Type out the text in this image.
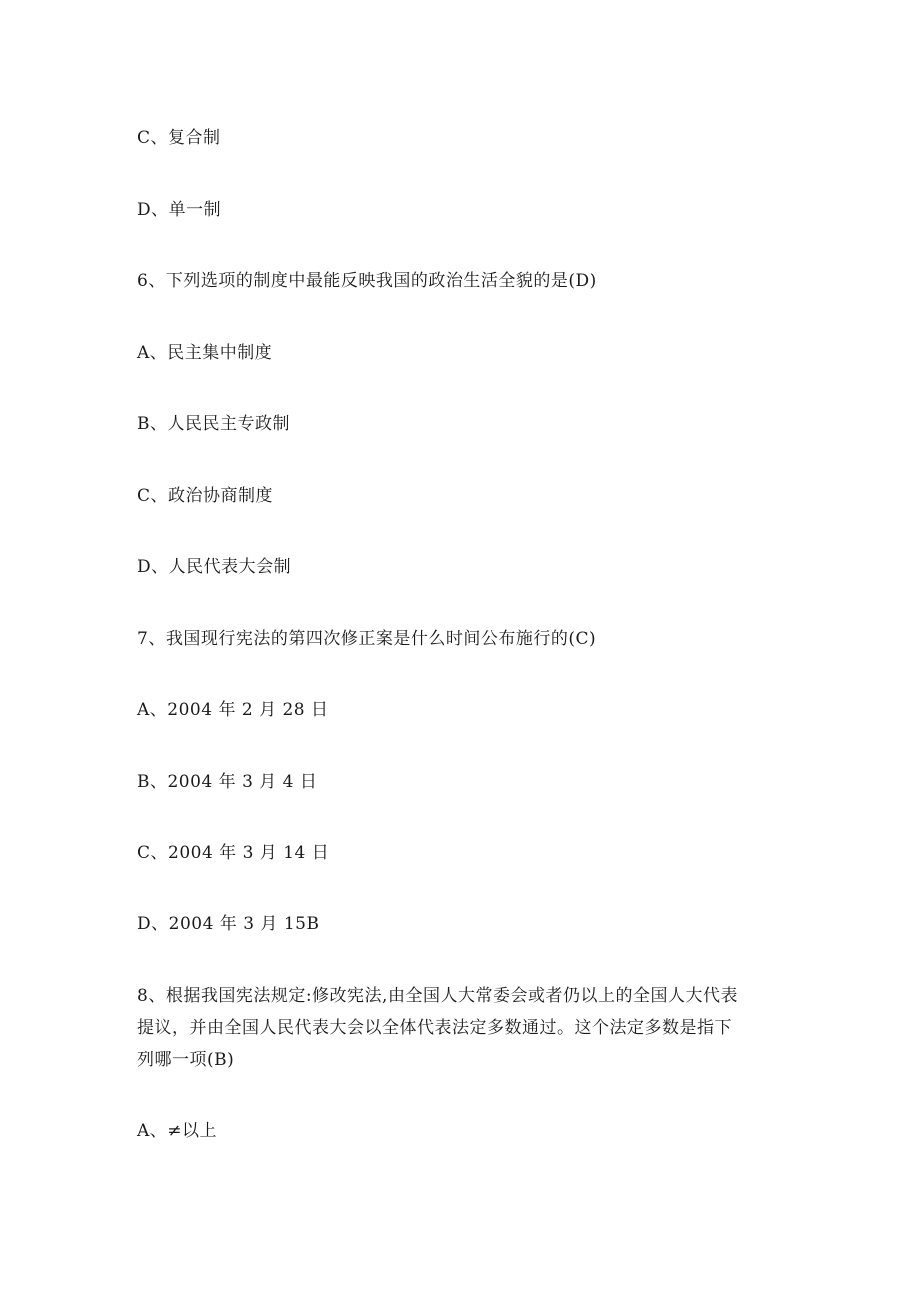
C、复合制
D、单一制
6、下列选项的制度中最能反映我国的政治生活全貌的是(D)
A、民主集中制度
B、人民民主专政制
C、政治协商制度
D、人民代表大会制
7、我国现行宪法的第四次修正案是什么时间公布施行的(C)
A、2004 年 2 月 28 日
B、2004 年 3 月 4 日
C、2004 年 3 月 14 日
D、2004 年 3 月 15B
8、根据我国宪法规定:修改宪法,由全国人大常委会或者仍以上的全国人大代表
提议，并由全国人民代表大会以全体代表法定多数通过。这个法定多数是指下
列哪一项(B)
A、≠以上
